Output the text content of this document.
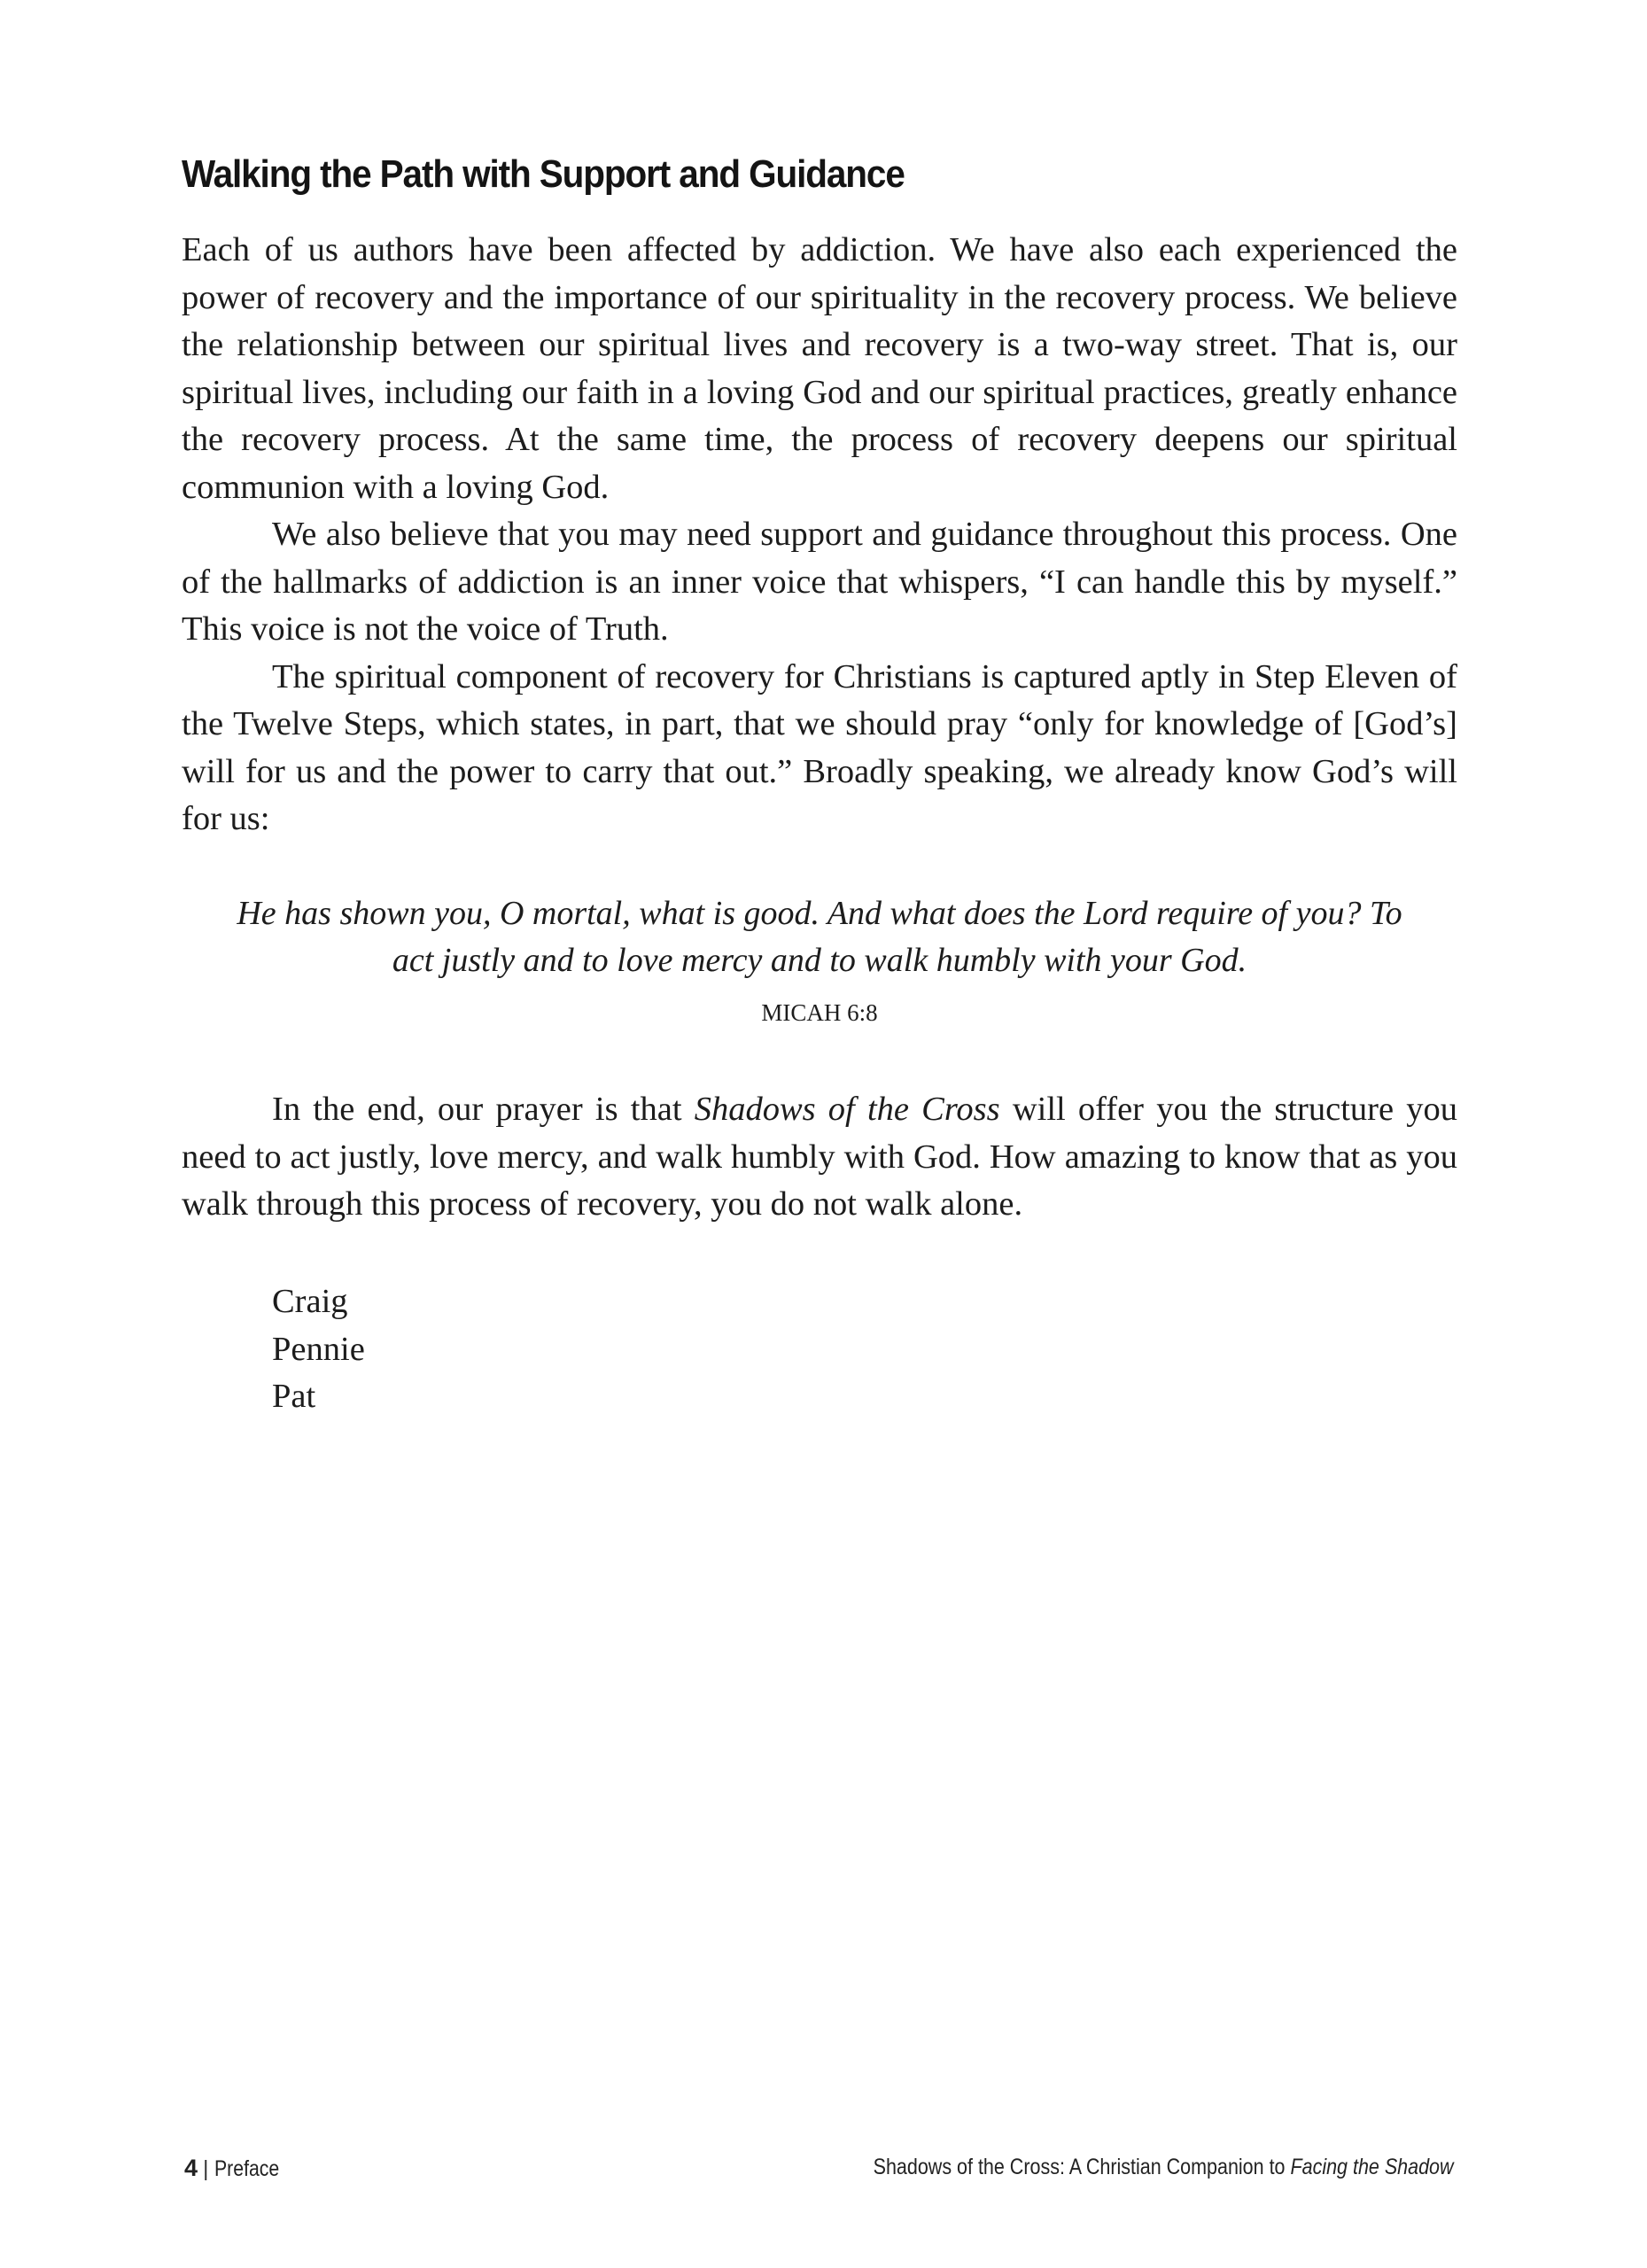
Walking the Path with Support and Guidance

Each of us authors have been affected by addiction. We have also each experienced the power of recovery and the importance of our spirituality in the recovery process. We believe the relationship between our spiritual lives and recovery is a two-way street. That is, our spiritual lives, including our faith in a loving God and our spiritual practices, greatly enhance the recovery process. At the same time, the process of recovery deepens our spiritual communion with a loving God.

We also believe that you may need support and guidance throughout this process. One of the hallmarks of addiction is an inner voice that whispers, “I can handle this by myself.” This voice is not the voice of Truth.

The spiritual component of recovery for Christians is captured aptly in Step Eleven of the Twelve Steps, which states, in part, that we should pray “only for knowledge of [God’s] will for us and the power to carry that out.” Broadly speaking, we already know God’s will for us:

He has shown you, O mortal, what is good. And what does the Lord require of you? To
act justly and to love mercy and to walk humbly with your God.
MICAH 6:8

In the end, our prayer is that Shadows of the Cross will offer you the structure you need to act justly, love mercy, and walk humbly with God. How amazing to know that as you walk through this process of recovery, you do not walk alone.

Craig
Pennie
Pat
4 | Preface	Shadows of the Cross: A Christian Companion to Facing the Shadow
